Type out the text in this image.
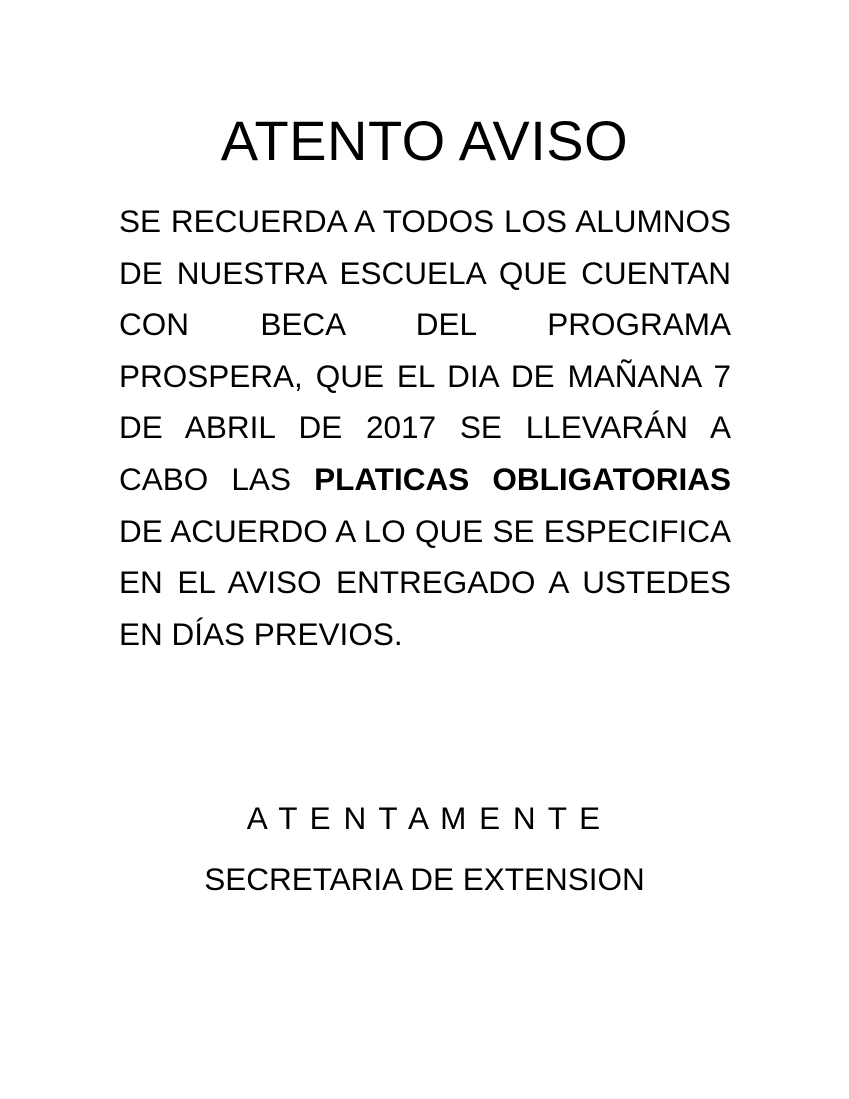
ATENTO AVISO
SE RECUERDA A TODOS LOS ALUMNOS
DE NUESTRA ESCUELA QUE CUENTAN
CON BECA DEL PROGRAMA
PROSPERA, QUE EL DIA DE MAÑANA 7
DE ABRIL DE 2017 SE LLEVARÁN A
CABO LAS PLATICAS OBLIGATORIAS
DE ACUERDO A LO QUE SE ESPECIFICA
EN EL AVISO ENTREGADO A USTEDES
EN DÍAS PREVIOS.

A T E N T A M E N T E

SECRETARIA DE EXTENSION
